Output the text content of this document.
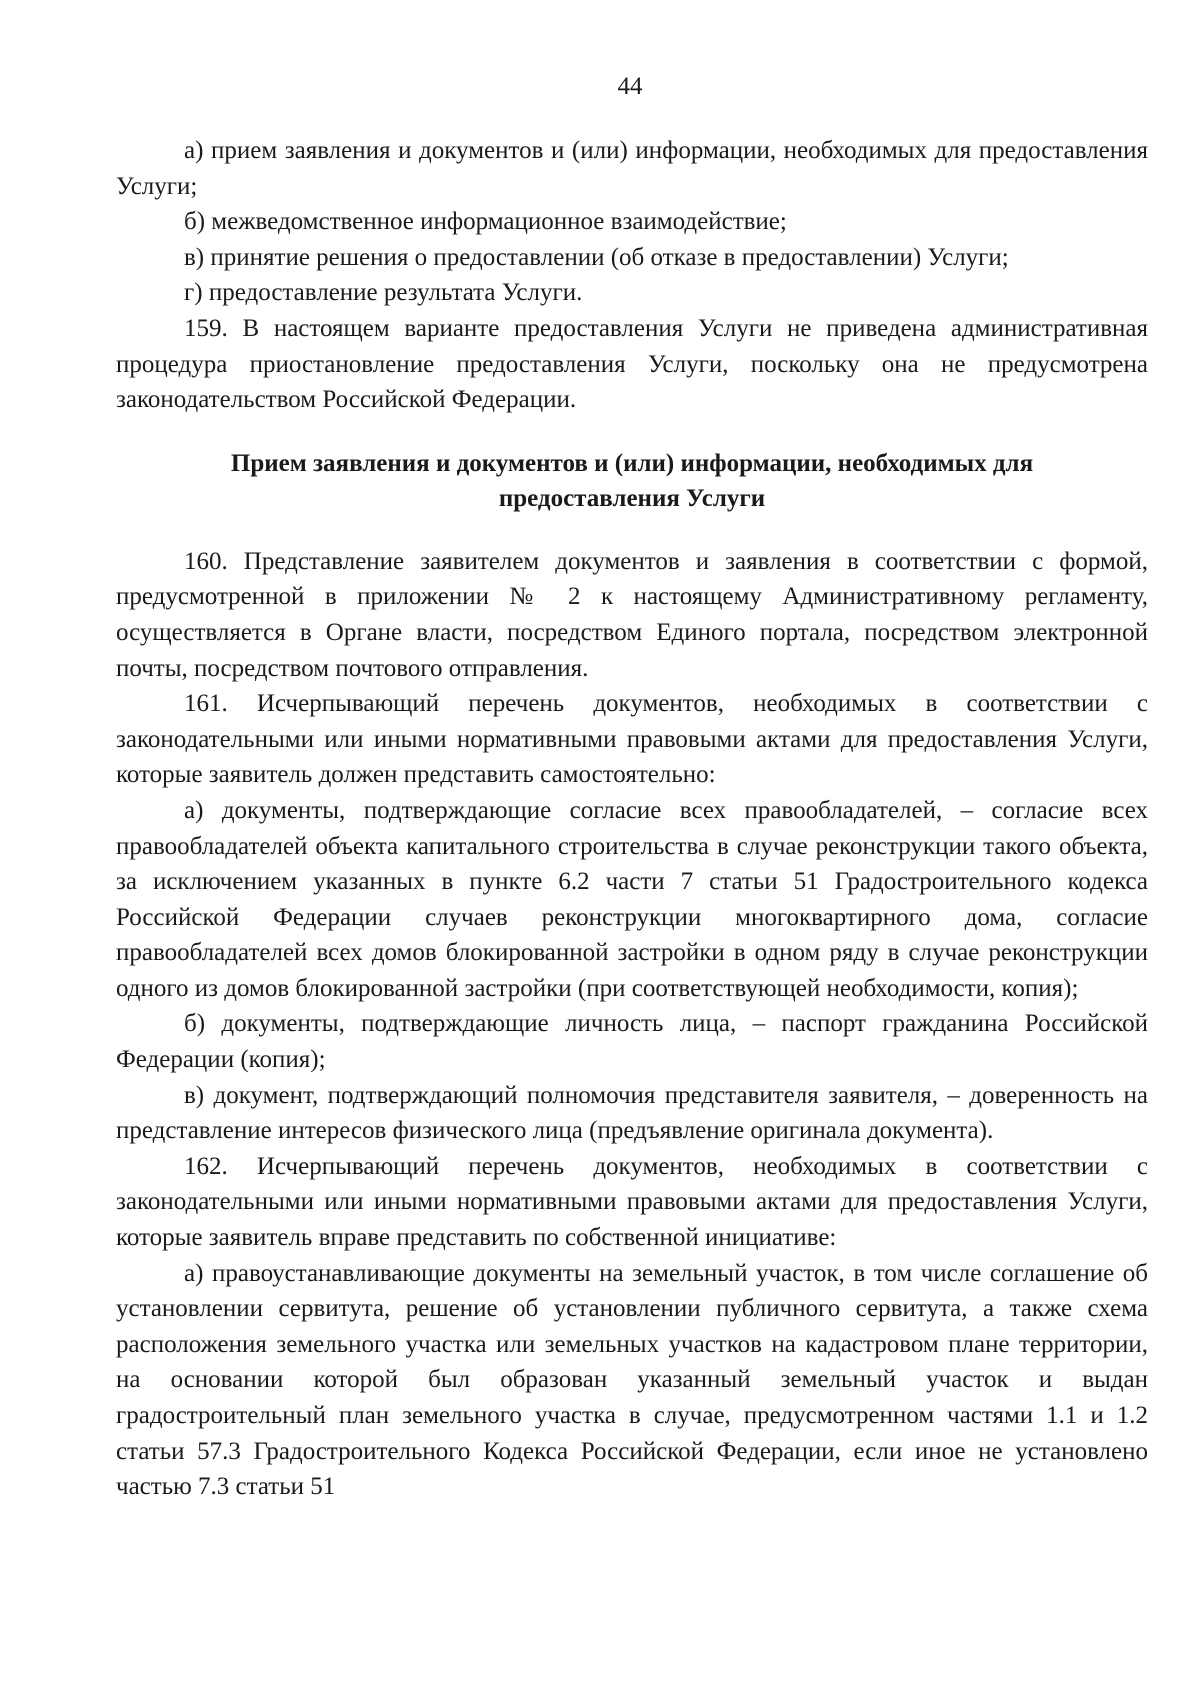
44

а) прием заявления и документов и (или) информации, необходимых для предоставления Услуги;

б) межведомственное информационное взаимодействие;

в) принятие решения о предоставлении (об отказе в предоставлении) Услуги;

г) предоставление результата Услуги.

159. В настоящем варианте предоставления Услуги не приведена административная процедура приостановление предоставления Услуги, поскольку она не предусмотрена законодательством Российской Федерации.

Прием заявления и документов и (или) информации, необходимых для
предоставления Услуги

160. Представление заявителем документов и заявления в соответствии с формой, предусмотренной в приложении № 2 к настоящему Административному регламенту, осуществляется в Органе власти, посредством Единого портала, посредством электронной почты, посредством почтового отправления.

161. Исчерпывающий перечень документов, необходимых в соответствии с законодательными или иными нормативными правовыми актами для предоставления Услуги, которые заявитель должен представить самостоятельно:

а) документы, подтверждающие согласие всех правообладателей, – согласие всех правообладателей объекта капитального строительства в случае реконструкции такого объекта, за исключением указанных в пункте 6.2 части 7 статьи 51 Градостроительного кодекса Российской Федерации случаев реконструкции многоквартирного дома, согласие правообладателей всех домов блокированной застройки в одном ряду в случае реконструкции одного из домов блокированной застройки (при соответствующей необходимости, копия);

б) документы, подтверждающие личность лица, – паспорт гражданина Российской Федерации (копия);

в) документ, подтверждающий полномочия представителя заявителя, – доверенность на представление интересов физического лица (предъявление оригинала документа).

162. Исчерпывающий перечень документов, необходимых в соответствии с законодательными или иными нормативными правовыми актами для предоставления Услуги, которые заявитель вправе представить по собственной инициативе:

а) правоустанавливающие документы на земельный участок, в том числе соглашение об установлении сервитута, решение об установлении публичного сервитута, а также схема расположения земельного участка или земельных участков на кадастровом плане территории, на основании которой был образован указанный земельный участок и выдан градостроительный план земельного участка в случае, предусмотренном частями 1.1 и 1.2 статьи 57.3 Градостроительного Кодекса Российской Федерации, если иное не установлено частью 7.3 статьи 51
